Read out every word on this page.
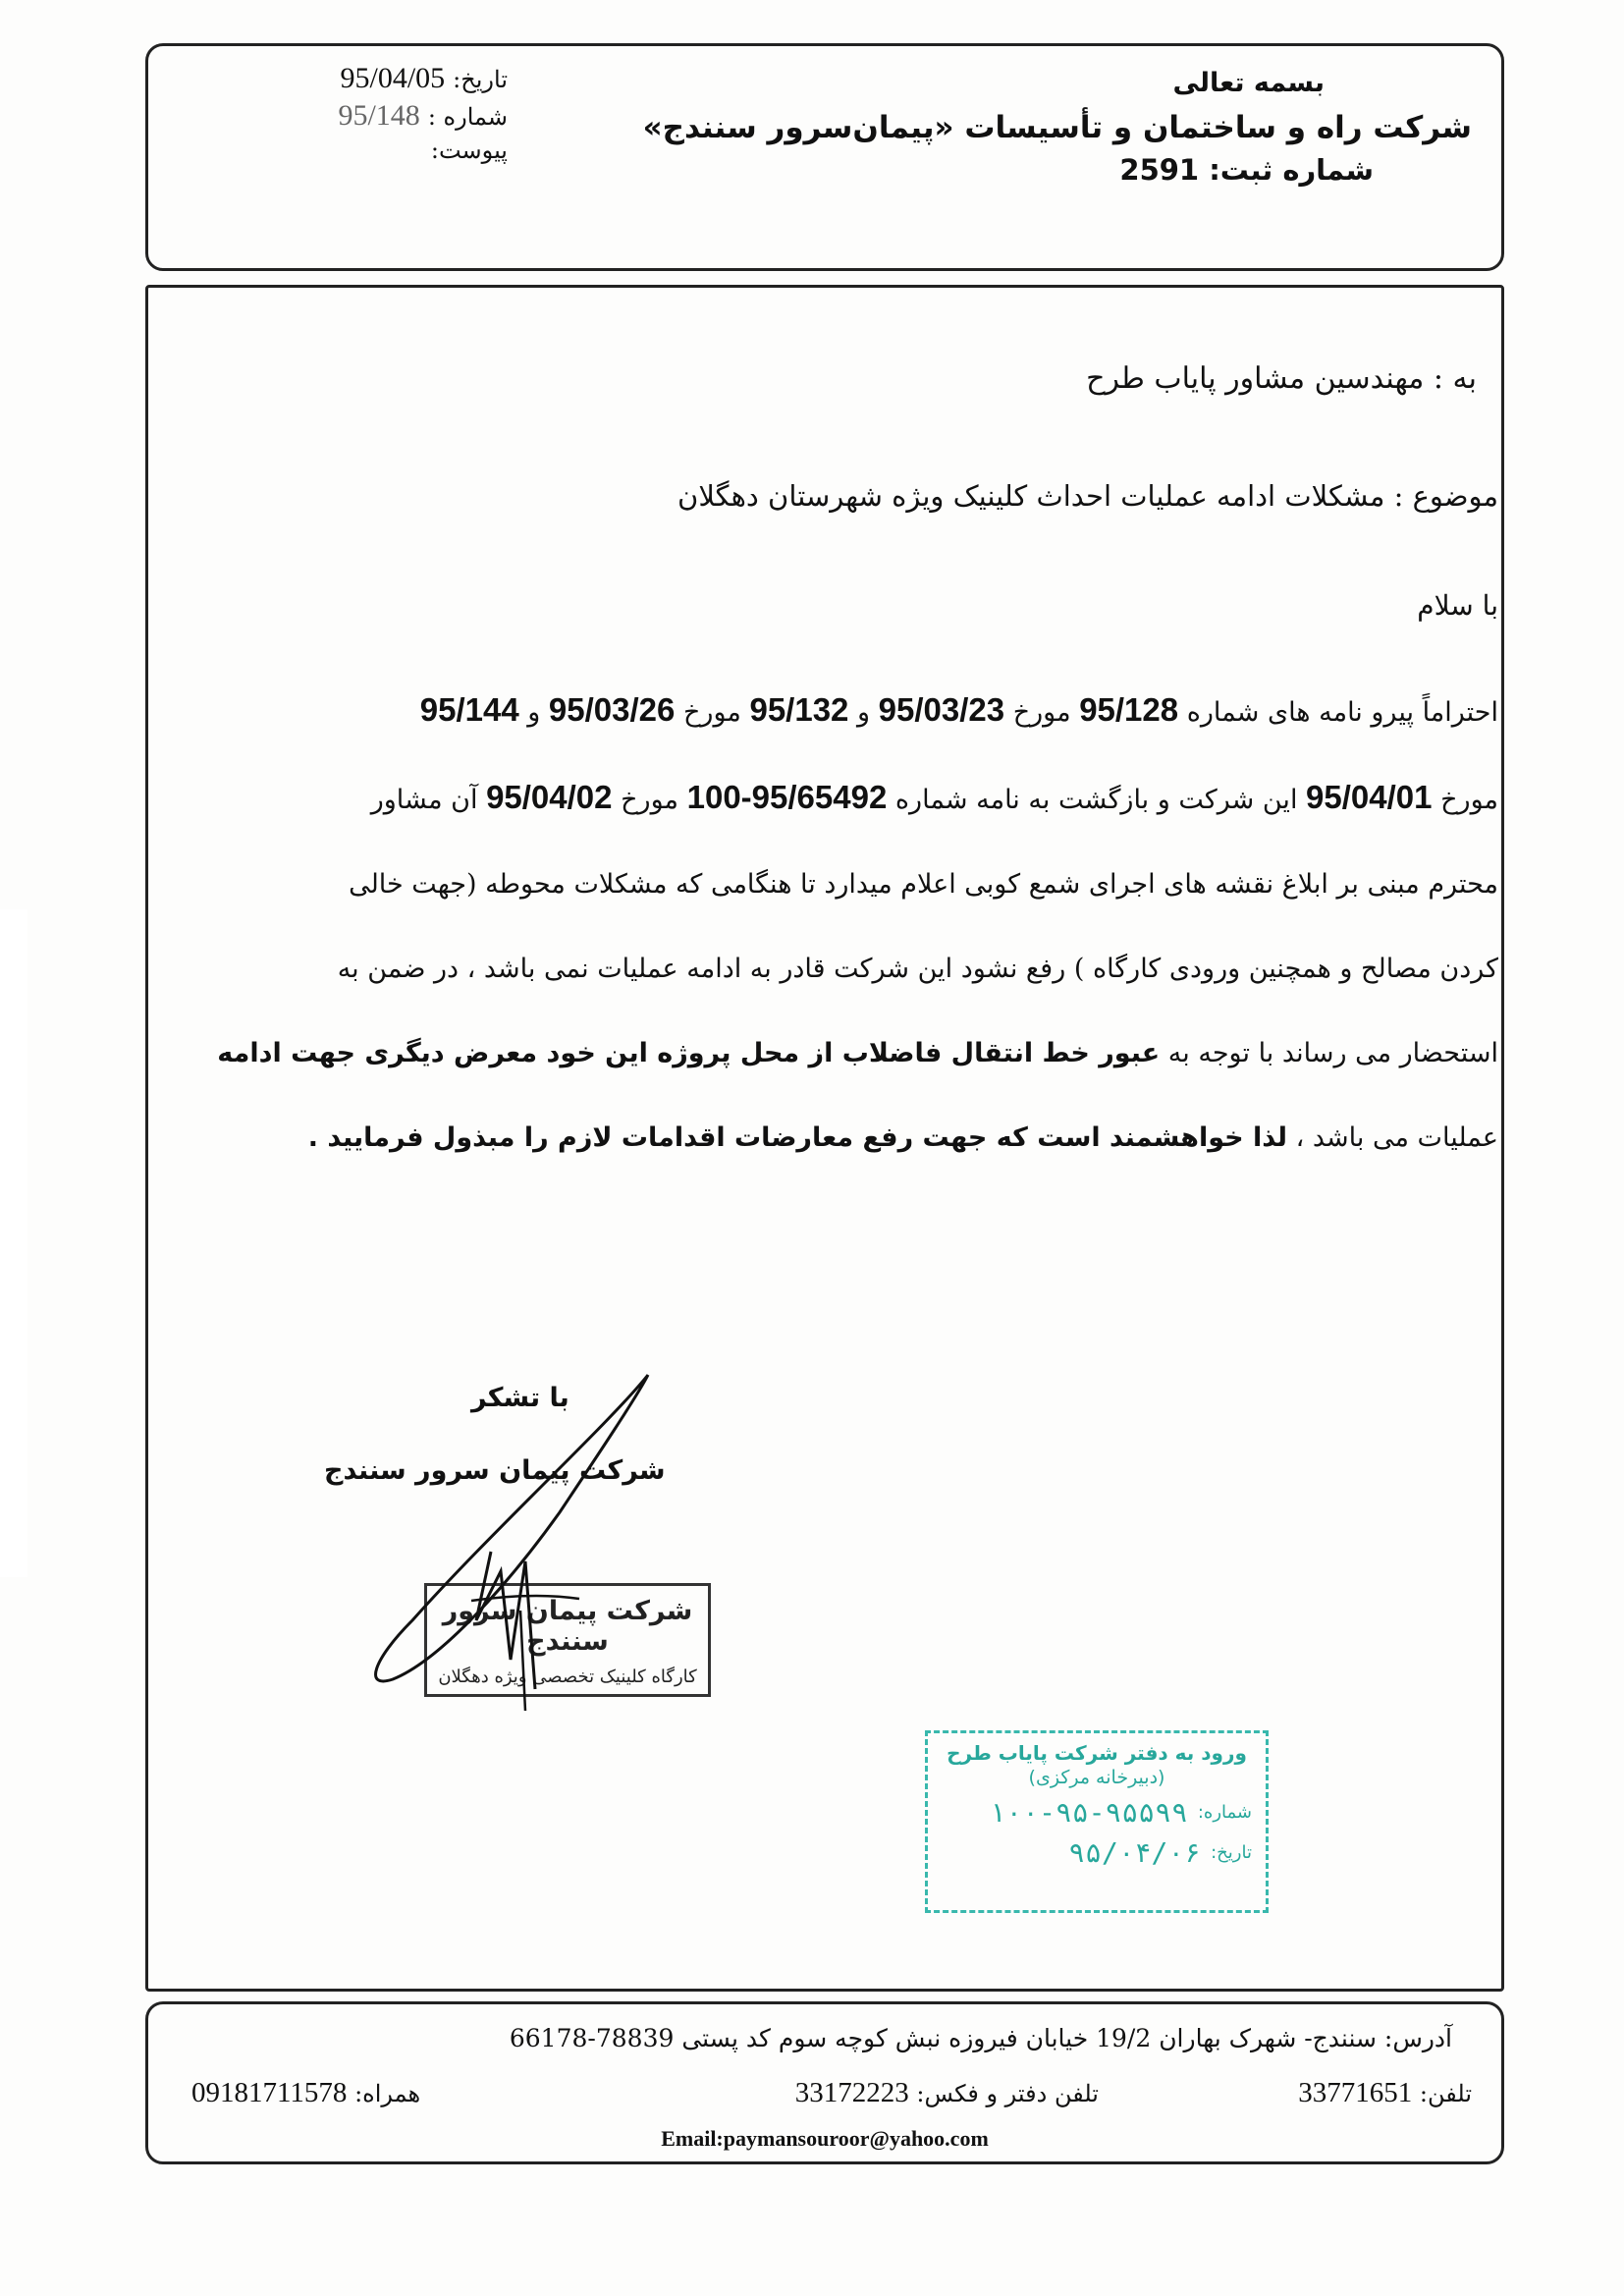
بسمه تعالی

شرکت راه و ساختمان و تأسیسات «پیمان‌سرور سنندج»

شماره ثبت: 2591

تاریخ:
95/04/05
شماره :
95/148
پیوست:
به : مهندسین مشاور پایاب طرح
موضوع : مشکلات ادامه عملیات احداث کلینیک ویژه شهرستان دهگلان
با سلام
احتراماً پیرو نامه های شماره 95/128 مورخ 95/03/23 و 95/132 مورخ 95/03/26 و 95/144
مورخ 95/04/01 این شرکت و بازگشت به نامه شماره 100-95/65492 مورخ 95/04/02 آن مشاور
محترم مبنی بر ابلاغ نقشه های اجرای شمع کوبی اعلام میدارد تا هنگامی که مشکلات محوطه (جهت خالی
کردن مصالح و همچنین ورودی کارگاه ) رفع نشود این شرکت قادر به ادامه عملیات نمی باشد ، در ضمن به
استحضار می رساند با توجه به عبور خط انتقال فاضلاب از محل پروژه این خود معرض دیگری جهت ادامه
عملیات می باشد ، لذا خواهشمند است که جهت رفع معارضات اقدامات لازم را مبذول فرمایید .
با تشکر
شرکت پیمان سرور سنندج
شرکت پیمان سرور سنندج
کارگاه کلینیک تخصصی ویژه دهگلان
ورود به دفتر شرکت پایاب طرح
(دبیرخانه مرکزی)
شماره:
۱۰۰-۹۵-۹۵۵۹۹
تاریخ:
۹۵/۰۴/۰۶
آدرس: سنندج- شهرک بهاران 19/2 خیابان فیروزه نبش کوچه سوم کد پستی 78839-66178
تلفن: 33771651
تلفن دفتر و فکس: 33172223
همراه: 09181711578
Email:paymansouroor@yahoo.com
